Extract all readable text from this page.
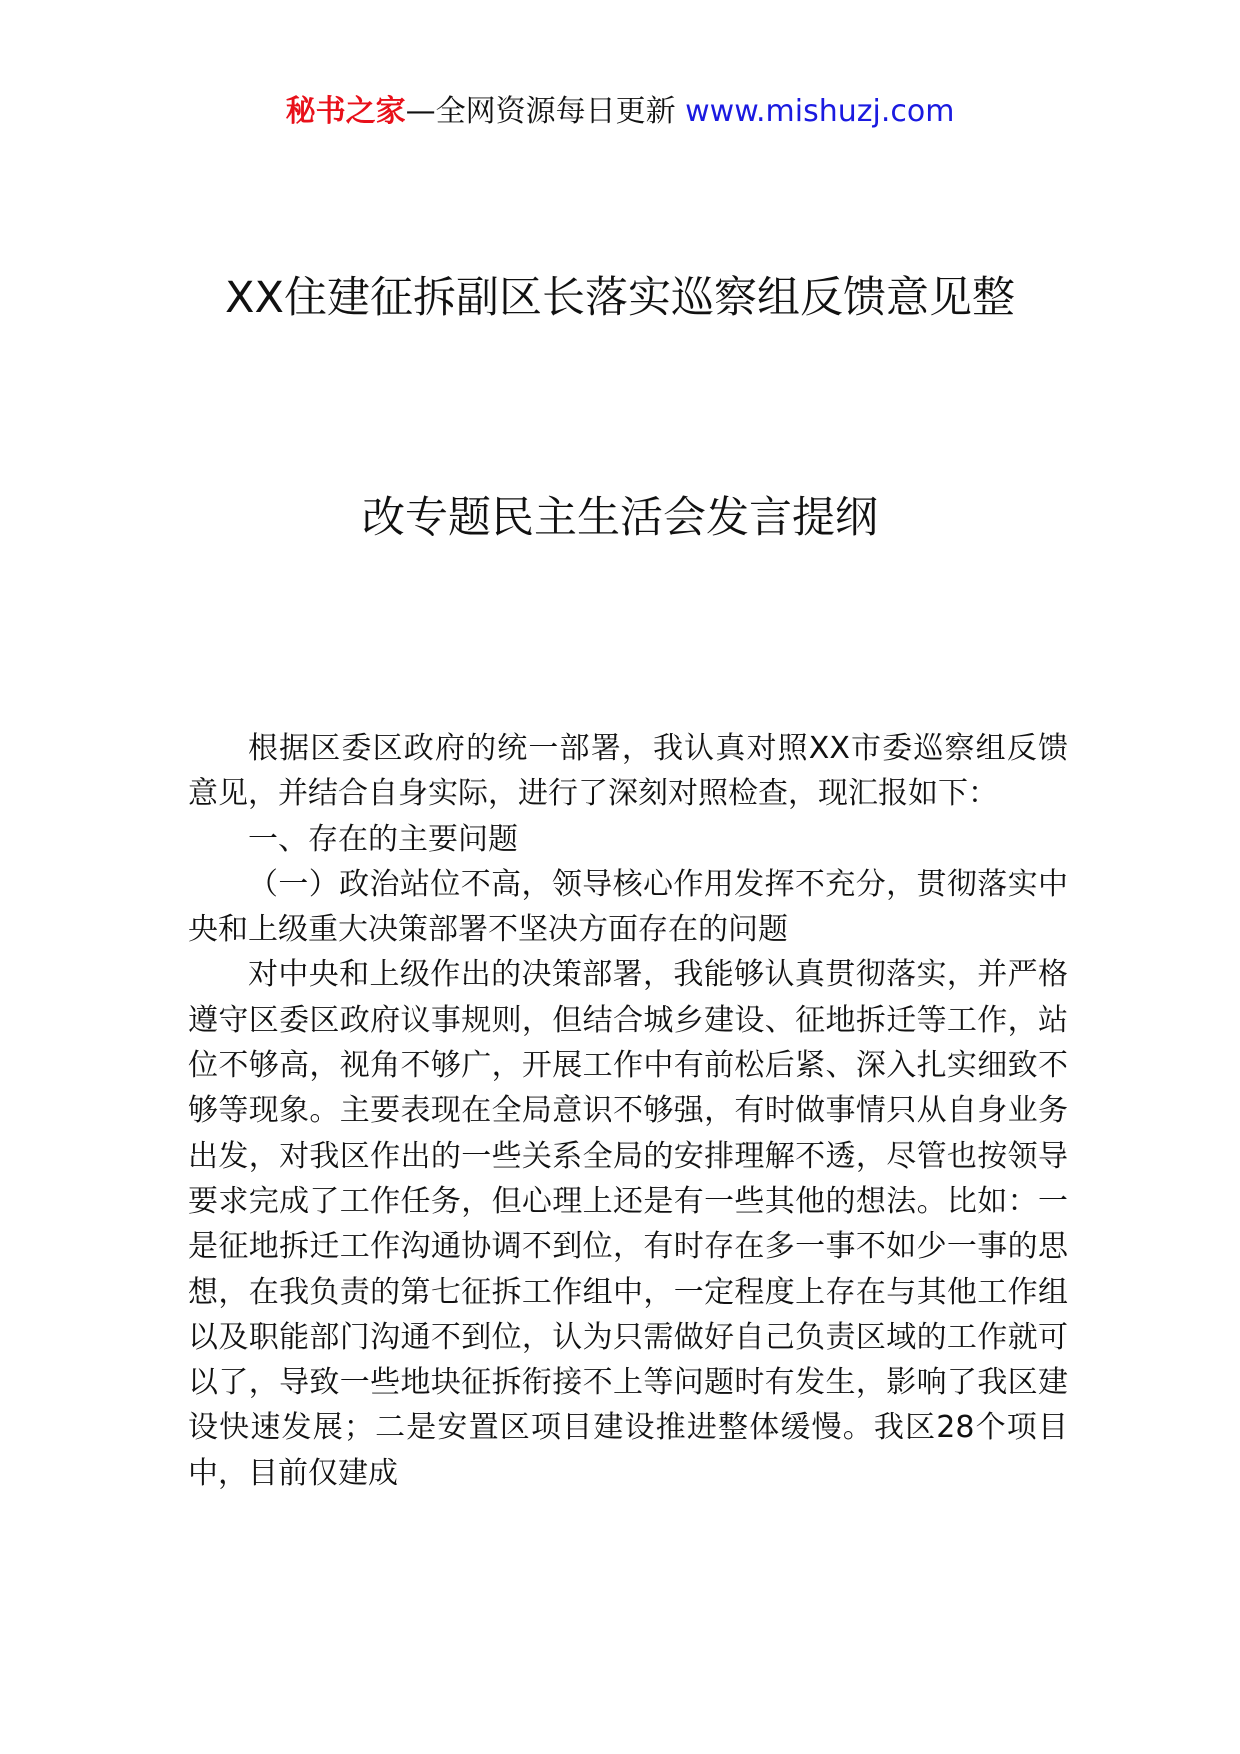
秘书之家—全网资源每日更新 www.mishuzj.com
XX住建征拆副区长落实巡察组反馈意见整
改专题民主生活会发言提纲

根据区委区政府的统一部署，我认真对照XX市委巡察组反馈意见，并结合自身实际，进行了深刻对照检查，现汇报如下：

一、存在的主要问题

（一）政治站位不高，领导核心作用发挥不充分，贯彻落实中央和上级重大决策部署不坚决方面存在的问题

对中央和上级作出的决策部署，我能够认真贯彻落实，并严格遵守区委区政府议事规则，但结合城乡建设、征地拆迁等工作，站位不够高，视角不够广，开展工作中有前松后紧、深入扎实细致不够等现象。主要表现在全局意识不够强，有时做事情只从自身业务出发，对我区作出的一些关系全局的安排理解不透，尽管也按领导要求完成了工作任务，但心理上还是有一些其他的想法。比如：一是征地拆迁工作沟通协调不到位，有时存在多一事不如少一事的思想，在我负责的第七征拆工作组中，一定程度上存在与其他工作组以及职能部门沟通不到位，认为只需做好自己负责区域的工作就可以了，导致一些地块征拆衔接不上等问题时有发生，影响了我区建设快速发展；二是安置区项目建设推进整体缓慢。我区28个项目中，目前仅建成
